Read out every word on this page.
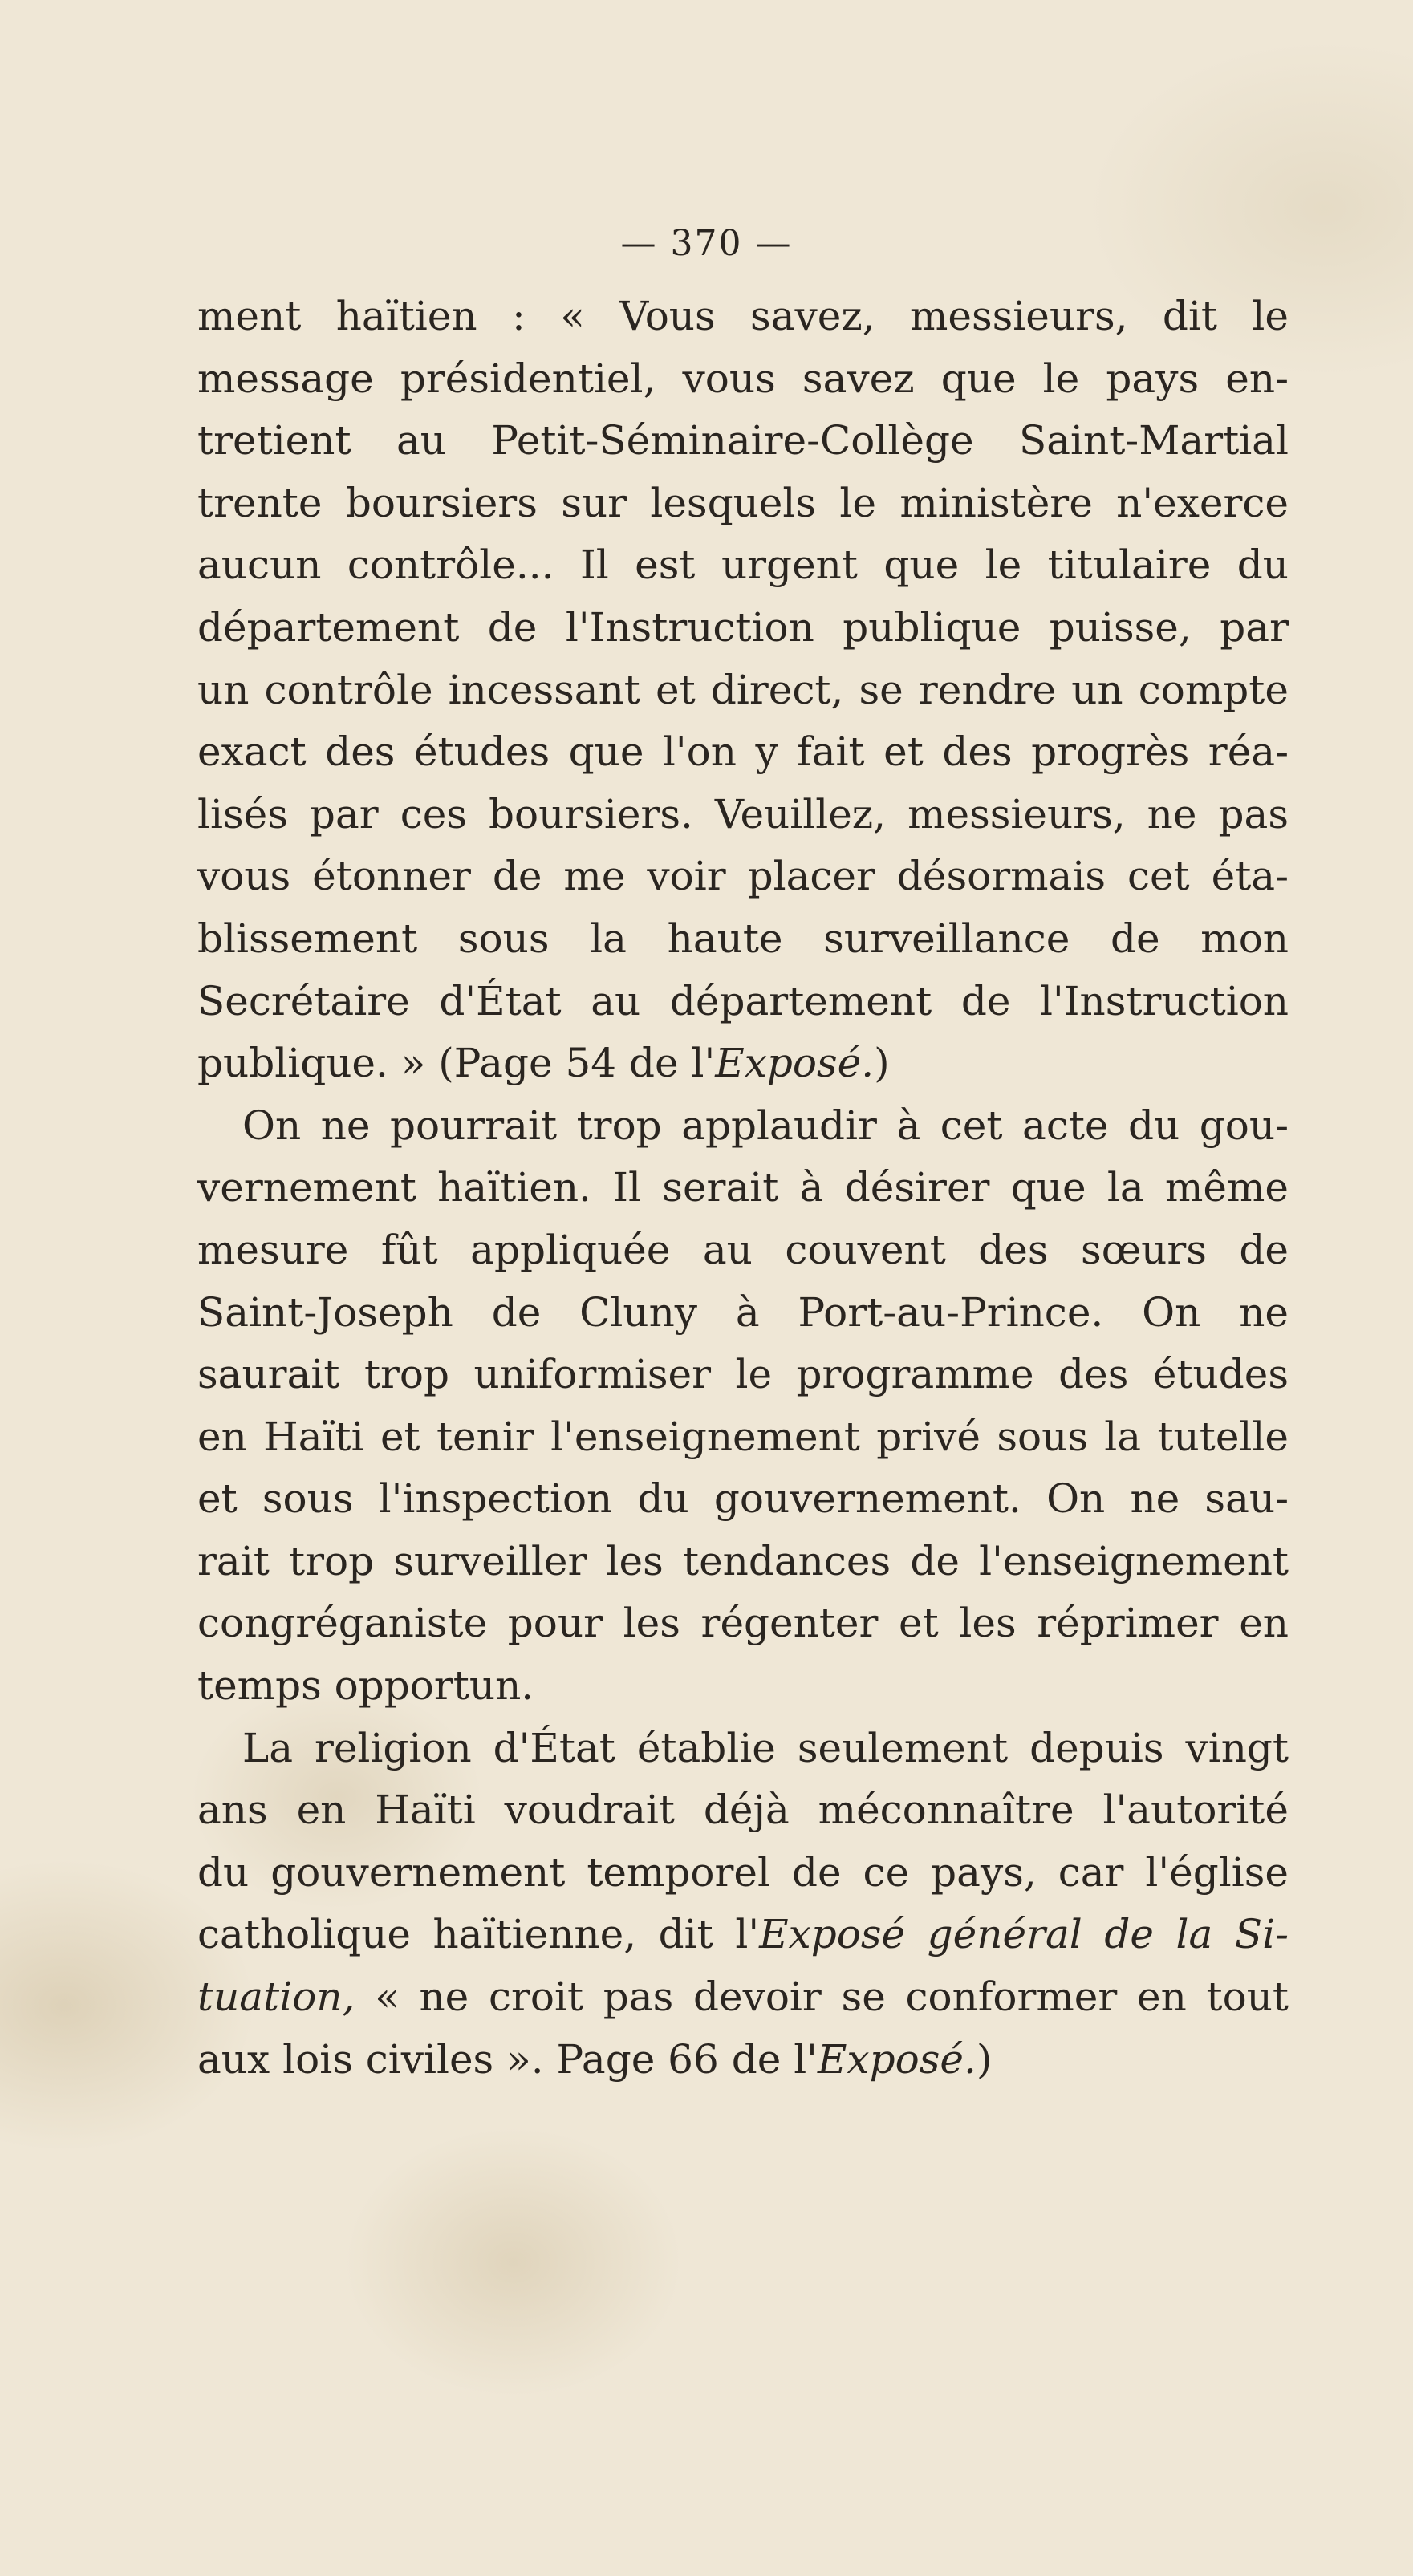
— 370 —
ment haïtien : « Vous savez, messieurs, dit le
message présidentiel, vous savez que le pays en-
tretient au Petit-Séminaire-Collège Saint-Martial
trente boursiers sur lesquels le ministère n'exerce
aucun contrôle... Il est urgent que le titulaire du
département de l'Instruction publique puisse, par
un contrôle incessant et direct, se rendre un compte
exact des études que l'on y fait et des progrès réa-
lisés par ces boursiers. Veuillez, messieurs, ne pas
vous étonner de me voir placer désormais cet éta-
blissement sous la haute surveillance de mon
Secrétaire d'État au département de l'Instruction
publique. » (Page 54 de l'Exposé.)
On ne pourrait trop applaudir à cet acte du gou-
vernement haïtien. Il serait à désirer que la même
mesure fût appliquée au couvent des sœurs de
Saint-Joseph de Cluny à Port-au-Prince. On ne
saurait trop uniformiser le programme des études
en Haïti et tenir l'enseignement privé sous la tutelle
et sous l'inspection du gouvernement. On ne sau-
rait trop surveiller les tendances de l'enseignement
congréganiste pour les régenter et les réprimer en
temps opportun.
La religion d'État établie seulement depuis vingt
ans en Haïti voudrait déjà méconnaître l'autorité
du gouvernement temporel de ce pays, car l'église
catholique haïtienne, dit l'Exposé général de la Si-
tuation, « ne croit pas devoir se conformer en tout
aux lois civiles ». Page 66 de l'Exposé.)
